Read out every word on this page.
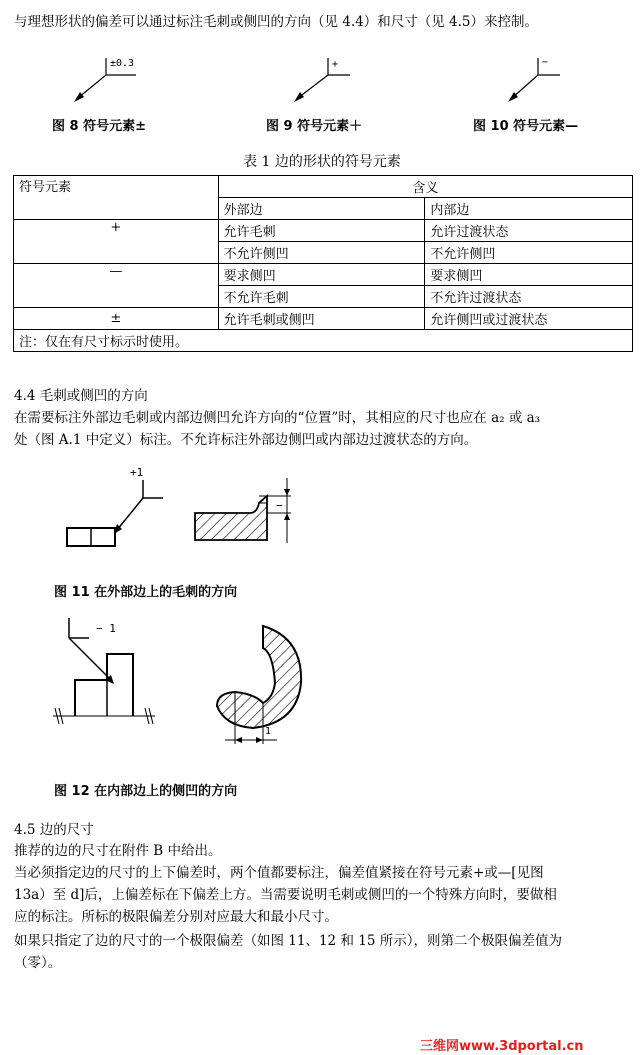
与理想形状的偏差可以通过标注毛刺或侧凹的方向（见 4.4）和尺寸（见 4.5）来控制。
±0.3	+	−
图 8 符号元素±	图 9 符号元素＋	图 10 符号元素—
表 1 边的形状的符号元素
符号元素	含义	
	外部边	内部边
+	允许毛刺	允许过渡状态
	不允许侧凹	不允许侧凹
—	要求侧凹	要求侧凹
	不允许毛刺	不允许过渡状态
±	允许毛刺或侧凹	允许侧凹或过渡状态
注：仅在有尺寸标示时使用。		
4.4 毛刺或侧凹的方向
在需要标注外部边毛刺或内部边侧凹允许方向的“位置”时，其相应的尺寸也应在 a₂ 或 a₃
处（图 A.1 中定义）标注。不允许标注外部边侧凹或内部边过渡状态的方向。
+1
−
图 11 在外部边上的毛刺的方向
− 1
1
图 12 在内部边上的侧凹的方向
4.5 边的尺寸
推荐的边的尺寸在附件 B 中给出。
当必须指定边的尺寸的上下偏差时，两个值都要标注，偏差值紧接在符号元素+或—[见图
13a）至 d]后，上偏差标在下偏差上方。当需要说明毛刺或侧凹的一个特殊方向时，要做相
应的标注。所标的极限偏差分别对应最大和最小尺寸。
如果只指定了边的尺寸的一个极限偏差（如图 11、12 和 15 所示），则第二个极限偏差值为
（零）。
三维网www.3dportal.cn
